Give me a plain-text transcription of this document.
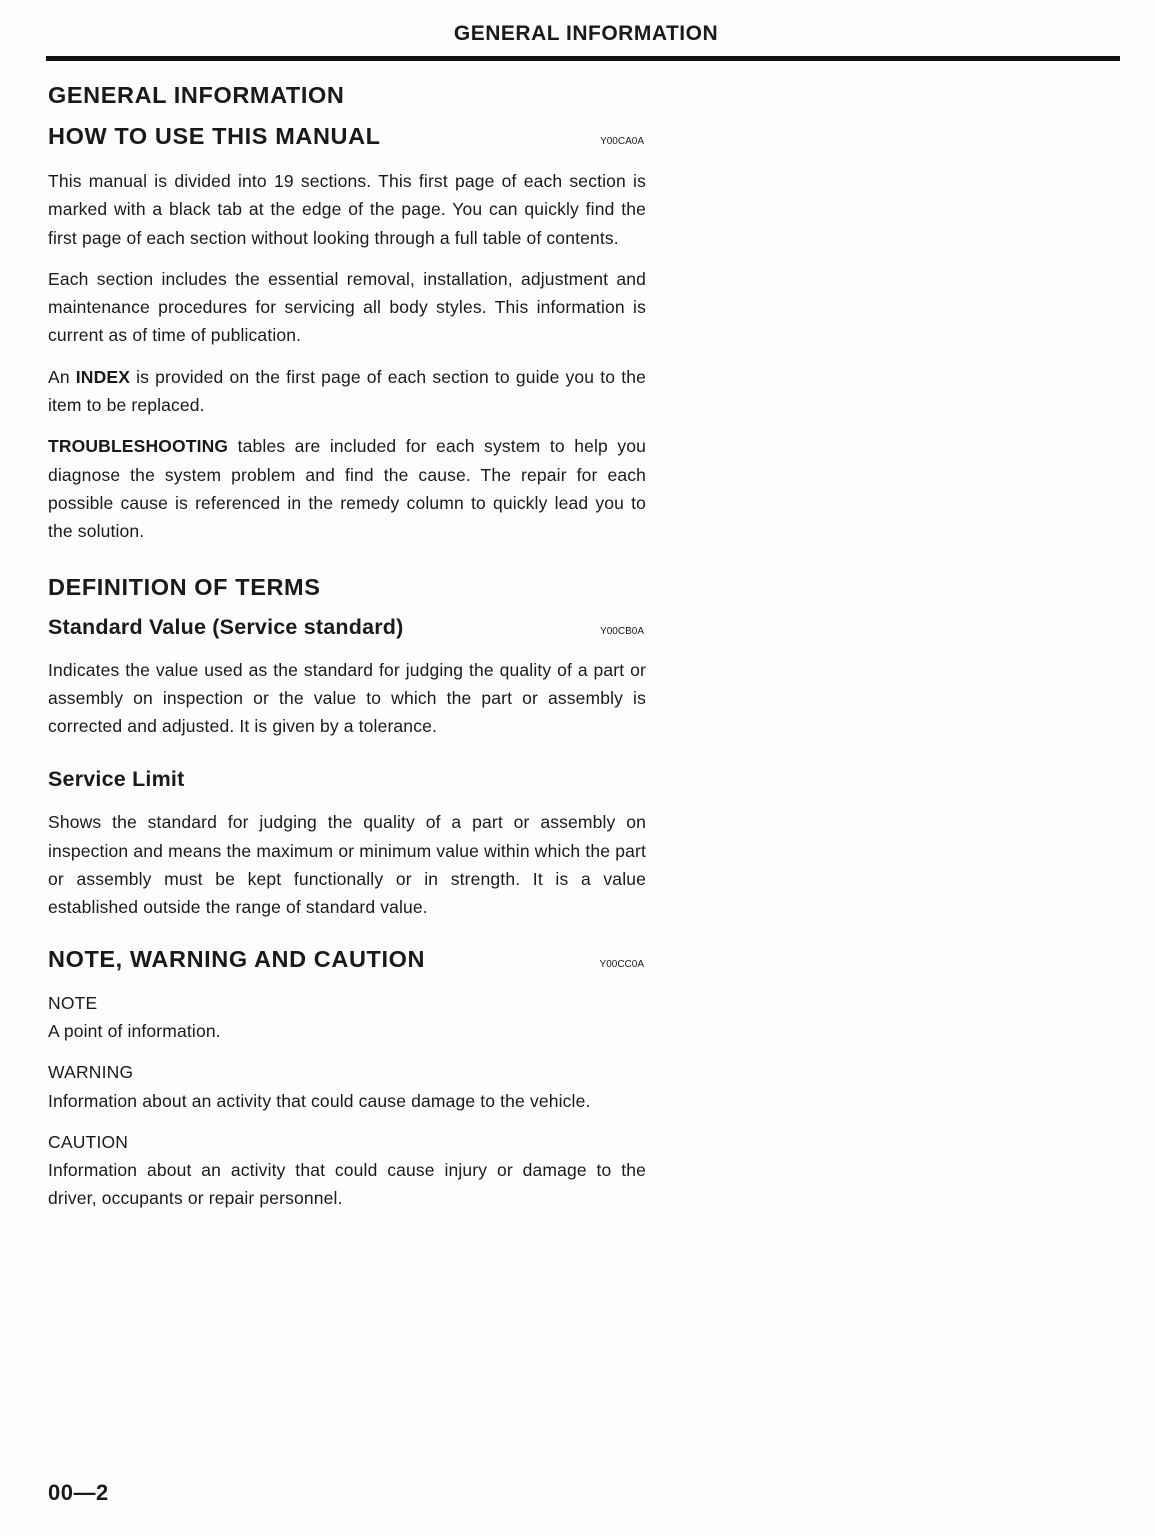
GENERAL INFORMATION
GENERAL INFORMATION
HOW TO USE THIS MANUAL	Y00CA0A

This manual is divided into 19 sections. This first page of each section is marked with a black tab at the edge of the page. You can quickly find the first page of each section without looking through a full table of contents.

Each section includes the essential removal, installation, adjustment and maintenance procedures for servicing all body styles. This information is current as of time of publication.

An INDEX is provided on the first page of each section to guide you to the item to be replaced.

TROUBLESHOOTING tables are included for each system to help you diagnose the system problem and find the cause. The repair for each possible cause is referenced in the remedy column to quickly lead you to the solution.

DEFINITION OF TERMS
Standard Value (Service standard)	Y00CB0A

Indicates the value used as the standard for judging the quality of a part or assembly on inspection or the value to which the part or assembly is corrected and adjusted. It is given by a tolerance.

Service Limit

Shows the standard for judging the quality of a part or assembly on inspection and means the maximum or minimum value within which the part or assembly must be kept functionally or in strength. It is a value established outside the range of standard value.

NOTE, WARNING AND CAUTION	Y00CC0A
NOTE

A point of information.

WARNING

Information about an activity that could cause damage to the vehicle.

CAUTION

Information about an activity that could cause injury or damage to the driver, occupants or repair personnel.

00—2
